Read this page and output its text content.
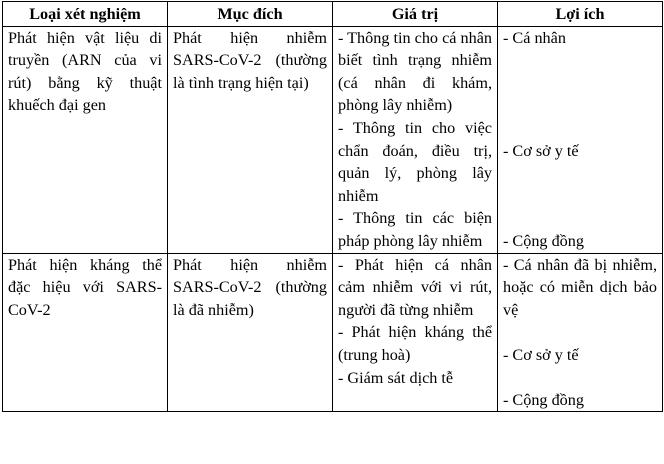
Loại xét nghiệm	Mục đích	Giá trị	Lợi ích
Phát hiện vật liệu di truyền (ARN của vi rút) bằng kỹ thuật khuếch đại gen	Phát hiện nhiễm SARS-CoV-2 (thường là tình trạng hiện tại)	- Thông tin cho cá nhân biết tình trạng nhiễm (cá nhân đi khám, phòng lây nhiễm)
- Thông tin cho việc chẩn đoán, điều trị, quản lý, phòng lây nhiễm
- Thông tin các biện pháp phòng lây nhiễm	- Cá nhân
- Cơ sở y tế
- Cộng đồng

Phát hiện kháng thể đặc hiệu với SARS-CoV-2	Phát hiện nhiễm SARS-CoV-2 (thường là đã nhiễm)	- Phát hiện cá nhân cảm nhiễm với vi rút, người đã từng nhiễm
- Phát hiện kháng thể (trung hoà)
- Giám sát dịch tễ	- Cá nhân đã bị nhiễm, hoặc có miễn dịch bảo vệ
- Cơ sở y tế
- Cộng đồng
